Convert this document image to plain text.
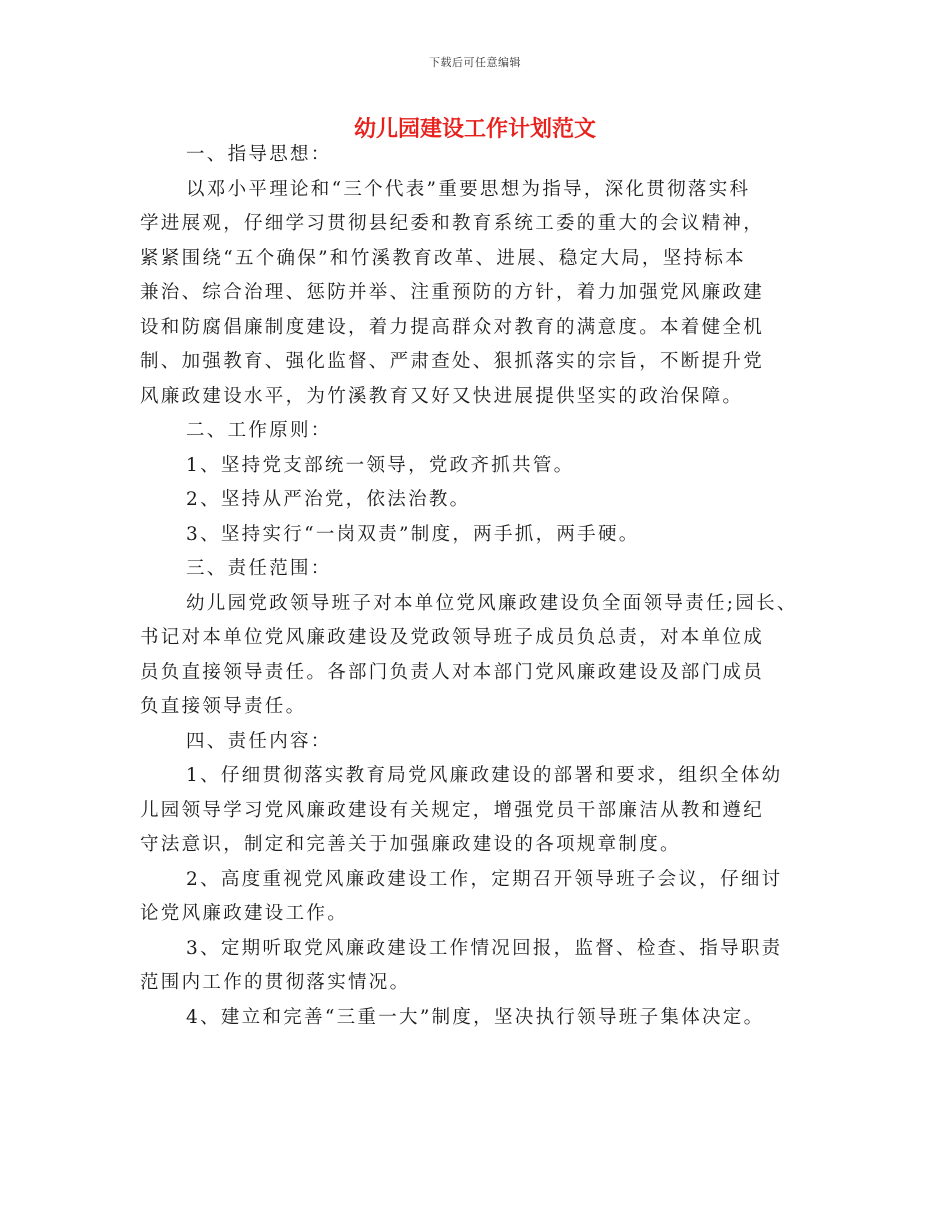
下载后可任意编辑
幼儿园建设工作计划范文
一、指导思想：
以邓小平理论和“三个代表”重要思想为指导，深化贯彻落实科
学进展观，仔细学习贯彻县纪委和教育系统工委的重大的会议精神，
紧紧围绕“五个确保”和竹溪教育改革、进展、稳定大局，坚持标本
兼治、综合治理、惩防并举、注重预防的方针，着力加强党风廉政建
设和防腐倡廉制度建设，着力提高群众对教育的满意度。本着健全机
制、加强教育、强化监督、严肃查处、狠抓落实的宗旨，不断提升党
风廉政建设水平，为竹溪教育又好又快进展提供坚实的政治保障。
二、工作原则：
1、坚持党支部统一领导，党政齐抓共管。
2、坚持从严治党，依法治教。
3、坚持实行“一岗双责”制度，两手抓，两手硬。
三、责任范围：
幼儿园党政领导班子对本单位党风廉政建设负全面领导责任;园长、
书记对本单位党风廉政建设及党政领导班子成员负总责，对本单位成
员负直接领导责任。各部门负责人对本部门党风廉政建设及部门成员
负直接领导责任。
四、责任内容：
1、仔细贯彻落实教育局党风廉政建设的部署和要求，组织全体幼
儿园领导学习党风廉政建设有关规定，增强党员干部廉洁从教和遵纪
守法意识，制定和完善关于加强廉政建设的各项规章制度。
2、高度重视党风廉政建设工作，定期召开领导班子会议，仔细讨
论党风廉政建设工作。
3、定期听取党风廉政建设工作情况回报，监督、检查、指导职责
范围内工作的贯彻落实情况。
4、建立和完善“三重一大”制度，坚决执行领导班子集体决定。
